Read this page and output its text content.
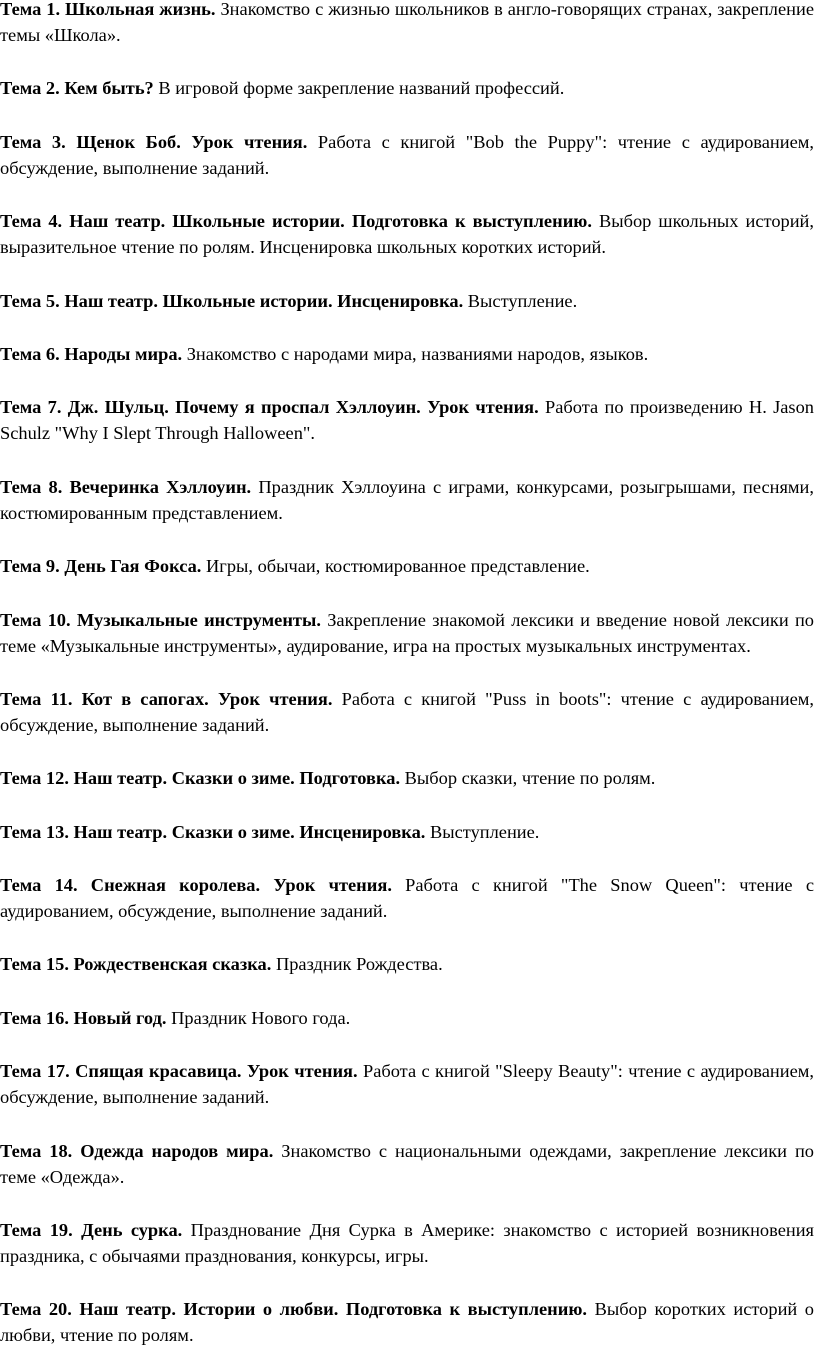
Тема 1. Школьная жизнь. Знакомство с жизнью школьников в англо-говорящих странах, закрепление темы «Школа».

Тема 2. Кем быть? В игровой форме закрепление названий профессий.

Тема 3. Щенок Боб. Урок чтения. Работа с книгой "Bob the Puppy": чтение с аудированием, обсуждение, выполнение заданий.

Тема 4. Наш театр. Школьные истории. Подготовка к выступлению. Выбор школьных историй, выразительное чтение по ролям. Инсценировка школьных коротких историй.

Тема 5. Наш театр. Школьные истории. Инсценировка. Выступление.

Тема 6. Народы мира. Знакомство с народами мира, названиями народов, языков.

Тема 7. Дж. Шульц. Почему я проспал Хэллоуин. Урок чтения. Работа по произведению H. Jason Schulz "Why I Slept Through Halloween".

Тема 8. Вечеринка Хэллоуин. Праздник Хэллоуина с играми, конкурсами, розыгрышами, песнями, костюмированным представлением.

Тема 9. День Гая Фокса. Игры, обычаи, костюмированное представление.

Тема 10. Музыкальные инструменты. Закрепление знакомой лексики и введение новой лексики по теме «Музыкальные инструменты», аудирование, игра на простых музыкальных инструментах.

Тема 11. Кот в сапогах. Урок чтения. Работа с книгой "Puss in boots": чтение с аудированием, обсуждение, выполнение заданий.

Тема 12. Наш театр. Сказки о зиме. Подготовка. Выбор сказки, чтение по ролям.

Тема 13. Наш театр. Сказки о зиме. Инсценировка. Выступление.

Тема 14. Снежная королева. Урок чтения. Работа с книгой "The Snow Queen": чтение с аудированием, обсуждение, выполнение заданий.

Тема 15. Рождественская сказка. Праздник Рождества.

Тема 16. Новый год. Праздник Нового года.

Тема 17. Спящая красавица. Урок чтения. Работа с книгой "Sleepy Beauty": чтение с аудированием, обсуждение, выполнение заданий.

Тема 18. Одежда народов мира. Знакомство с национальными одеждами, закрепление лексики по теме «Одежда».

Тема 19. День сурка. Празднование Дня Сурка в Америке: знакомство с историей возникновения праздника, с обычаями празднования, конкурсы, игры.

Тема 20. Наш театр. Истории о любви. Подготовка к выступлению. Выбор коротких историй о любви, чтение по ролям.
